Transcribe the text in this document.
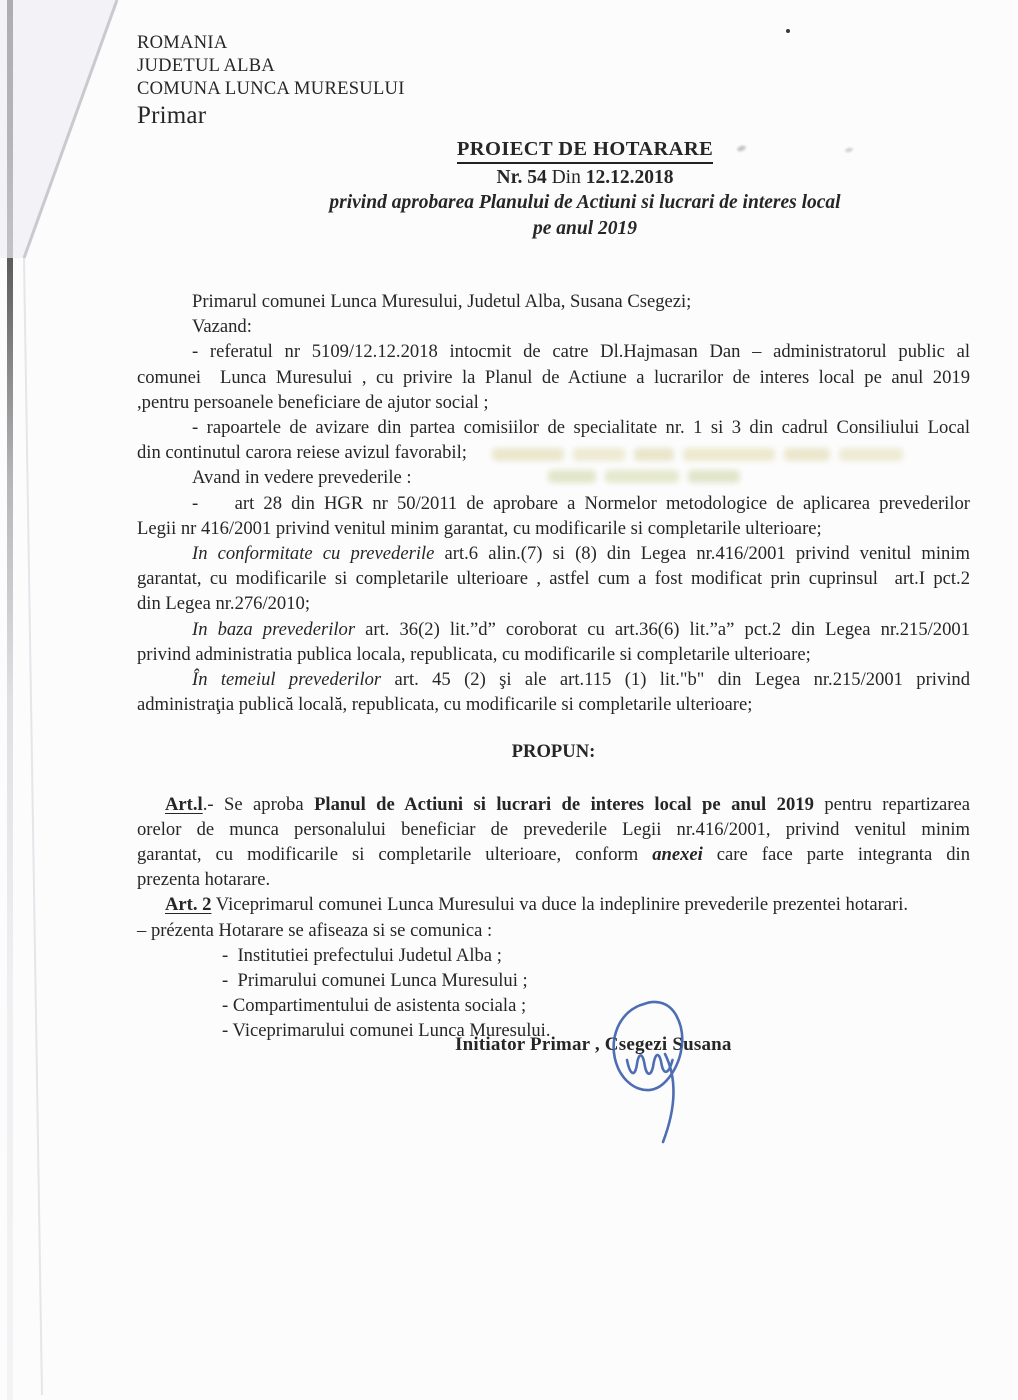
ROMANIA
JUDETUL ALBA
COMUNA LUNCA MURESULUI
Primar
PROIECT DE HOTARARE
Nr. 54 Din 12.12.2018
privind aprobarea Planului de Actiuni si lucrari de interes local
pe anul 2019
Primarul comunei Lunca Muresului, Judetul Alba, Susana Csegezi;
Vazand:
- referatul nr 5109/12.12.2018 intocmit de catre Dl.Hajmasan Dan – administratorul public al
comunei  Lunca Muresului , cu privire la Planul de Actiune a lucrarilor de interes local pe anul 2019
,pentru persoanele beneficiare de ajutor social ;
- rapoartele de avizare din partea comisiilor de specialitate nr. 1 si 3 din cadrul Consiliului Local
din continutul carora reiese avizul favorabil;
Avand in vedere prevederile :
-    art 28 din HGR nr 50/2011 de aprobare a Normelor metodologice de aplicarea prevederilor
Legii nr 416/2001 privind venitul minim garantat, cu modificarile si completarile ulterioare;
In conformitate cu prevederile art.6 alin.(7) si (8) din Legea nr.416/2001 privind venitul minim
garantat, cu modificarile si completarile ulterioare , astfel cum a fost modificat prin cuprinsul  art.I pct.2
din Legea nr.276/2010;
In baza prevederilor art. 36(2) lit.”d” coroborat cu art.36(6) lit.”a” pct.2 din Legea nr.215/2001
privind administratia publica locala, republicata, cu modificarile si completarile ulterioare;
În temeiul prevederilor art. 45 (2) şi ale art.115 (1) lit."b" din Legea nr.215/2001 privind
administraţia publică locală, republicata, cu modificarile si completarile ulterioare;
PROPUN:
Art.l.- Se aproba Planul de Actiuni si lucrari de interes local pe anul 2019 pentru repartizarea
orelor de munca personalului beneficiar de prevederile Legii nr.416/2001, privind venitul minim
garantat, cu modificarile si completarile ulterioare, conform anexei care face parte integranta din
prezenta hotarare.
Art. 2 Viceprimarul comunei Lunca Muresului va duce la indeplinire prevederile prezentei hotarari.
– prézenta Hotarare se afiseaza si se comunica :
-  Institutiei prefectului Judetul Alba ;
-  Primarului comunei Lunca Muresului ;
- Compartimentului de asistenta sociala ;
- Viceprimarului comunei Lunca Muresului.
Initiator Primar , Csegezi Susana
